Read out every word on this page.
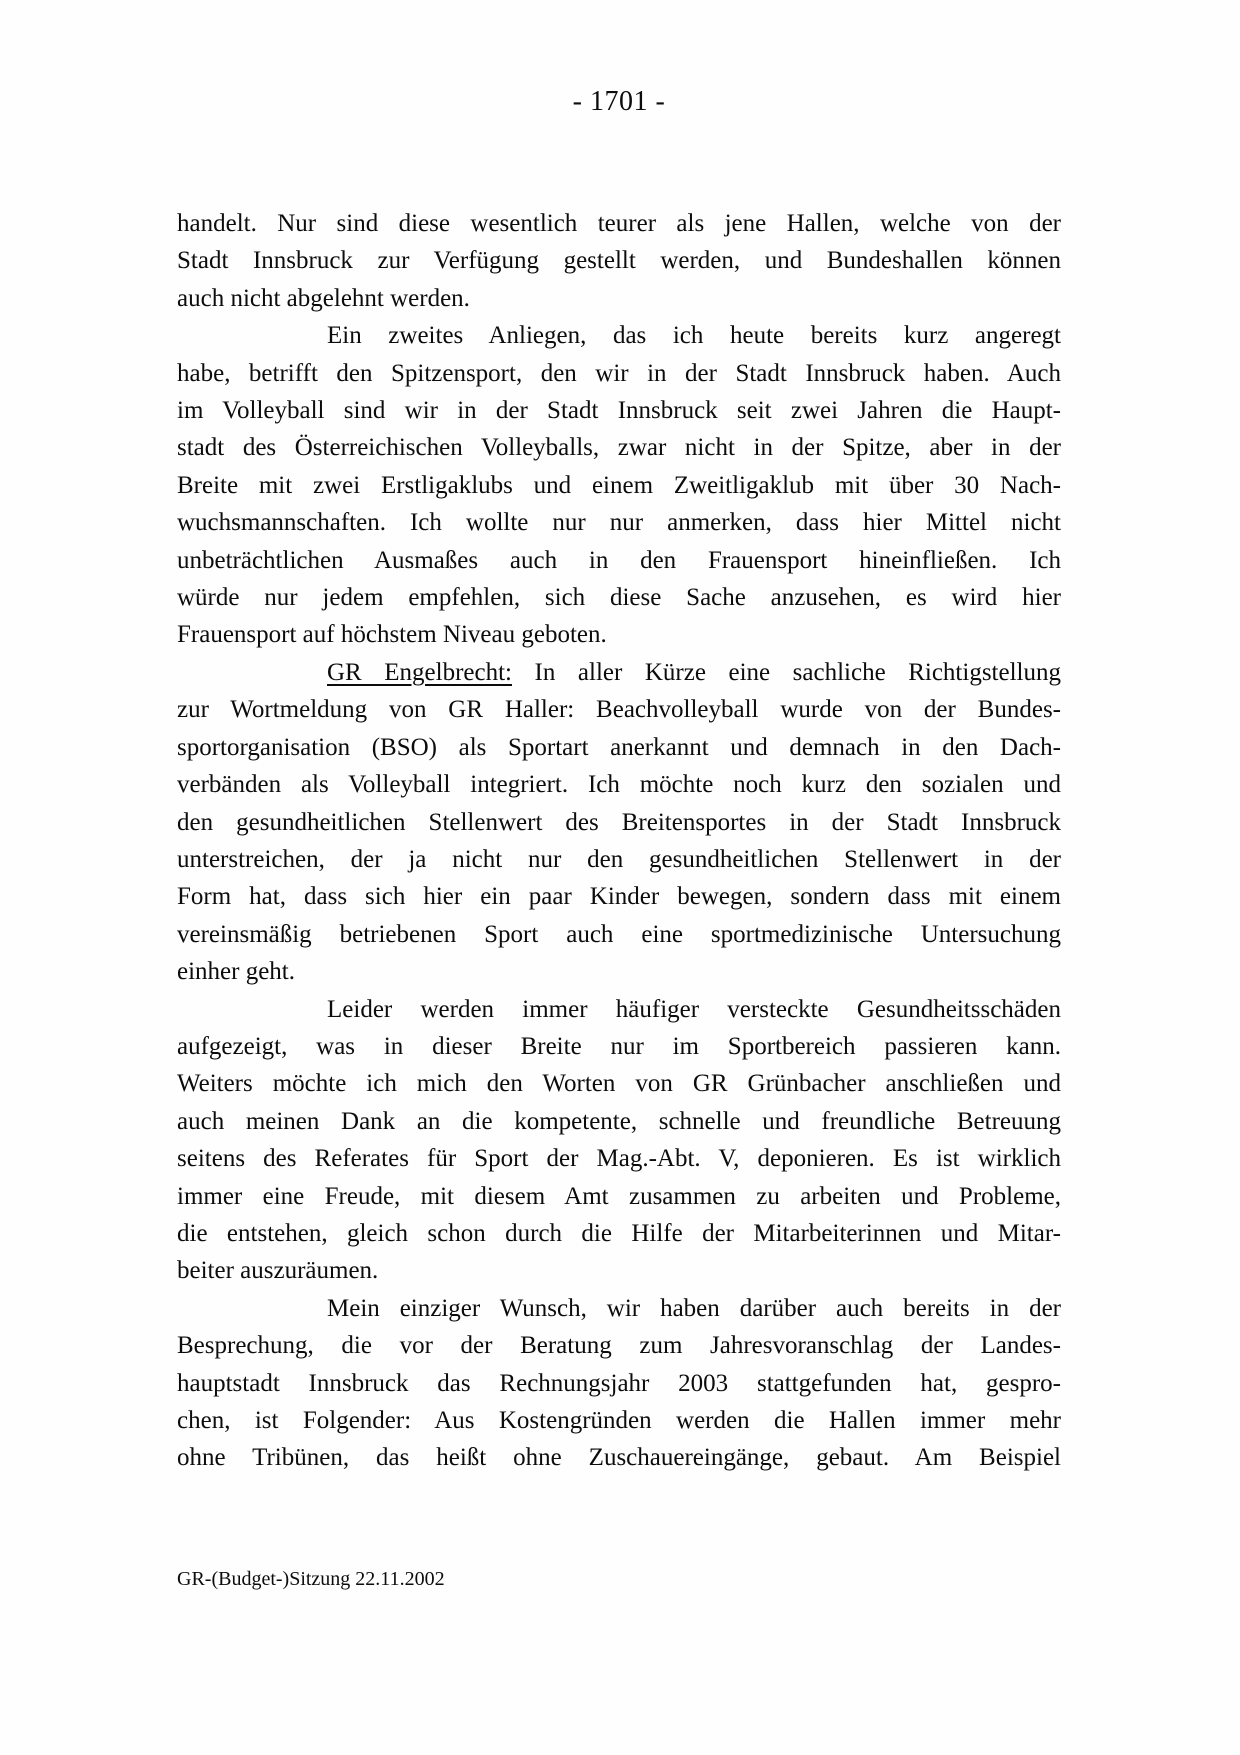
- 1701 -
handelt. Nur sind diese wesentlich teurer als jene Hallen, welche von der
Stadt Innsbruck zur Verfügung gestellt werden, und Bundeshallen können
auch nicht abgelehnt werden.
Ein zweites Anliegen, das ich heute bereits kurz angeregt
habe, betrifft den Spitzensport, den wir in der Stadt Innsbruck haben. Auch
im Volleyball sind wir in der Stadt Innsbruck seit zwei Jahren die Haupt-
stadt des Österreichischen Volleyballs, zwar nicht in der Spitze, aber in der
Breite mit zwei Erstligaklubs und einem Zweitligaklub mit über 30 Nach-
wuchsmannschaften. Ich wollte nur nur anmerken, dass hier Mittel nicht
unbeträchtlichen Ausmaßes auch in den Frauensport hineinfließen. Ich
würde nur jedem empfehlen, sich diese Sache anzusehen, es wird hier
Frauensport auf höchstem Niveau geboten.
GR Engelbrecht: In aller Kürze eine sachliche Richtigstellung
zur Wortmeldung von GR Haller: Beachvolleyball wurde von der Bundes-
sportorganisation (BSO) als Sportart anerkannt und demnach in den Dach-
verbänden als Volleyball integriert. Ich möchte noch kurz den sozialen und
den gesundheitlichen Stellenwert des Breitensportes in der Stadt Innsbruck
unterstreichen, der ja nicht nur den gesundheitlichen Stellenwert in der
Form hat, dass sich hier ein paar Kinder bewegen, sondern dass mit einem
vereinsmäßig betriebenen Sport auch eine sportmedizinische Untersuchung
einher geht.
Leider werden immer häufiger versteckte Gesundheitsschäden
aufgezeigt, was in dieser Breite nur im Sportbereich passieren kann.
Weiters möchte ich mich den Worten von GR Grünbacher anschließen und
auch meinen Dank an die kompetente, schnelle und freundliche Betreuung
seitens des Referates für Sport der Mag.-Abt. V, deponieren. Es ist wirklich
immer eine Freude, mit diesem Amt zusammen zu arbeiten und Probleme,
die entstehen, gleich schon durch die Hilfe der Mitarbeiterinnen und Mitar-
beiter auszuräumen.
Mein einziger Wunsch, wir haben darüber auch bereits in der
Besprechung, die vor der Beratung zum Jahresvoranschlag der Landes-
hauptstadt Innsbruck das Rechnungsjahr 2003 stattgefunden hat, gespro-
chen, ist Folgender: Aus Kostengründen werden die Hallen immer mehr
ohne Tribünen, das heißt ohne Zuschauereingänge, gebaut. Am Beispiel
GR-(Budget-)Sitzung 22.11.2002
